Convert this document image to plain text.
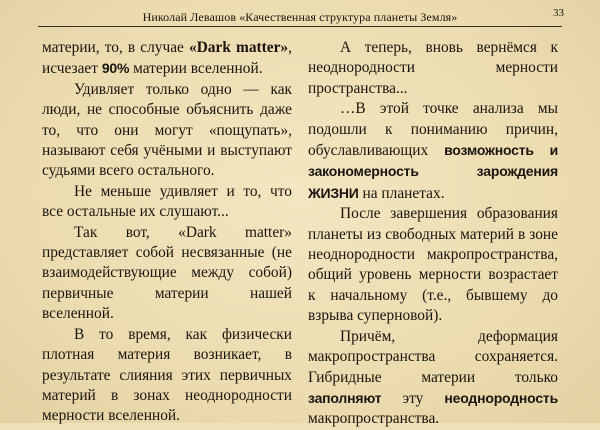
Николай Левашов «Качественная структура планеты Земля»	33

материи, то, в случае «Dark matter», исчезает 90% материи вселенной.

Удивляет только одно — как люди, не способные объяснить даже то, что они могут «пощупать», называют себя учёными и выступают судьями всего остального.

Не меньше удивляет и то, что все остальные их слушают...

Так вот, «Dark matter» представляет собой несвязанные (не взаимодействующие между собой) первичные материи нашей вселенной.

В то время, как физически плотная материя возникает, в результате слияния этих первичных материй в зонах неоднородности мерности вселенной.

А теперь, вновь вернёмся к неоднородности мерности пространства...

…В этой точке анализа мы подошли к пониманию причин, обуславливающих возможность и закономерность зарождения ЖИЗНИ на планетах.

После завершения образования планеты из свободных материй в зоне неоднородности макропространства, общий уровень мерности возрастает к начальному (т.е., бывшему до взрыва суперновой).

Причём, деформация макропространства сохраняется. Гибридные материи только заполняют эту неоднородность макропространства.
